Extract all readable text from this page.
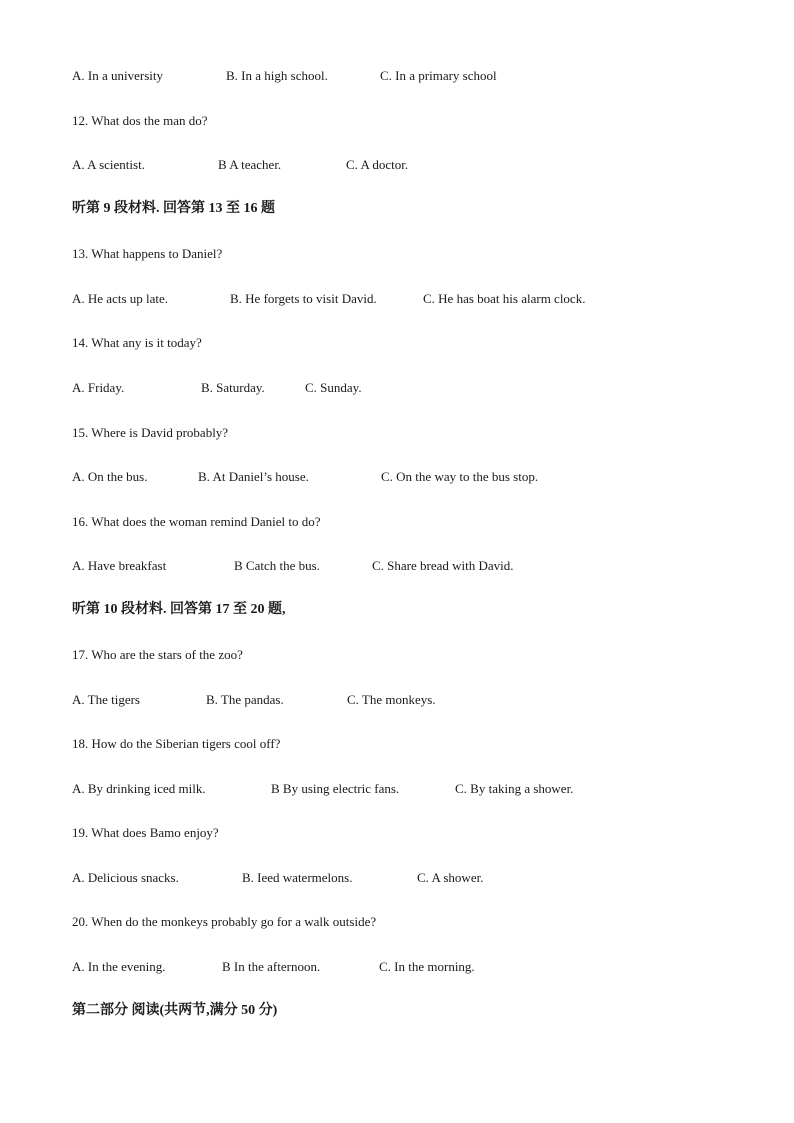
A. In a university	B. In a high school.	C. In a primary school
12. What dos the man do?
A. A scientist.	B A teacher.	C. A doctor.
听第 9 段材料. 回答第 13 至 16 题
13. What happens to Daniel?
A. He acts up late.	B. He forgets to visit David.	C. He has boat his alarm clock.
14. What any is it today?
A. Friday.	B. Saturday.	C. Sunday.
15. Where is David probably?
A. On the bus.	B. At Daniel’s house.	C. On the way to the bus stop.
16. What does the woman remind Daniel to do?
A. Have breakfast	B Catch the bus.	C. Share bread with David.
听第 10 段材料. 回答第 17 至 20 题,
17. Who are the stars of the zoo?
A. The tigers	B. The pandas.	C. The monkeys.
18. How do the Siberian tigers cool off?
A. By drinking iced milk.	B By using electric fans.	C. By taking a shower.
19. What does Bamo enjoy?
A. Delicious snacks.	B. Ieed watermelons.	C. A shower.
20. When do the monkeys probably go for a walk outside?
A. In the evening.	B In the afternoon.	C. In the morning.
第二部分 阅读(共两节,满分 50 分)
